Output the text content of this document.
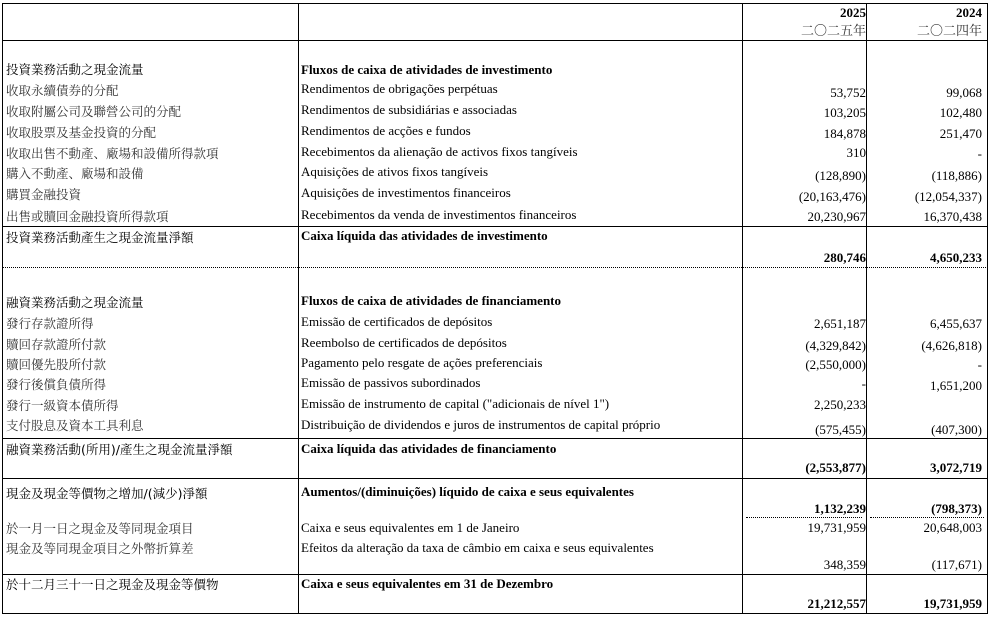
2025	2024
二〇二五年	二〇二四年
投資業務活動之現金流量	Fluxos de caixa de atividades de investimento
收取永續債券的分配	Rendimentos de obrigações perpétuas	53,752	99,068
收取附屬公司及聯營公司的分配	Rendimentos de subsidiárias e associadas	103,205	102,480
收取股票及基金投資的分配	Rendimentos de acções e fundos	184,878	251,470
收取出售不動產、廠場和設備所得款項	Recebimentos da alienação de activos fixos tangíveis	310	-
購入不動產、廠場和設備	Aquisições de ativos fixos tangíveis	(128,890)	(118,886)
購買金融投資	Aquisições de investimentos financeiros	(20,163,476)	(12,054,337)
出售或贖回金融投資所得款項	Recebimentos da venda de investimentos financeiros	20,230,967	16,370,438
投資業務活動產生之現金流量淨額	Caixa líquida das atividades de investimento
280,746	4,650,233
融資業務活動之現金流量	Fluxos de caixa de atividades de financiamento
發行存款證所得	Emissão de certificados de depósitos	2,651,187	6,455,637
贖回存款證所付款	Reembolso de certificados de depósitos	(4,329,842)	(4,626,818)
贖回優先股所付款	Pagamento pelo resgate de ações preferenciais	(2,550,000)	-
發行後償負債所得	Emissão de passivos subordinados	-	1,651,200
發行一級資本債所得	Emissão de instrumento de capital ("adicionais de nível 1")	2,250,233
支付股息及資本工具利息	Distribuição de dividendos e juros de instrumentos de capital próprio	(575,455)	(407,300)
融資業務活動(所用)/產生之現金流量淨額	Caixa líquida das atividades de financiamento
(2,553,877)	3,072,719
現金及現金等價物之增加/(減少)淨額	Aumentos/(diminuições) líquido de caixa e seus equivalentes
1,132,239	(798,373)
於一月一日之現金及等同現金項目	Caixa e seus equivalentes em 1 de Janeiro	19,731,959	20,648,003
現金及等同現金項目之外幣折算差	Efeitos da alteração da taxa de câmbio em caixa e seus equivalentes
348,359	(117,671)
於十二月三十一日之現金及現金等價物	Caixa e seus equivalentes em 31 de Dezembro
21,212,557	19,731,959
